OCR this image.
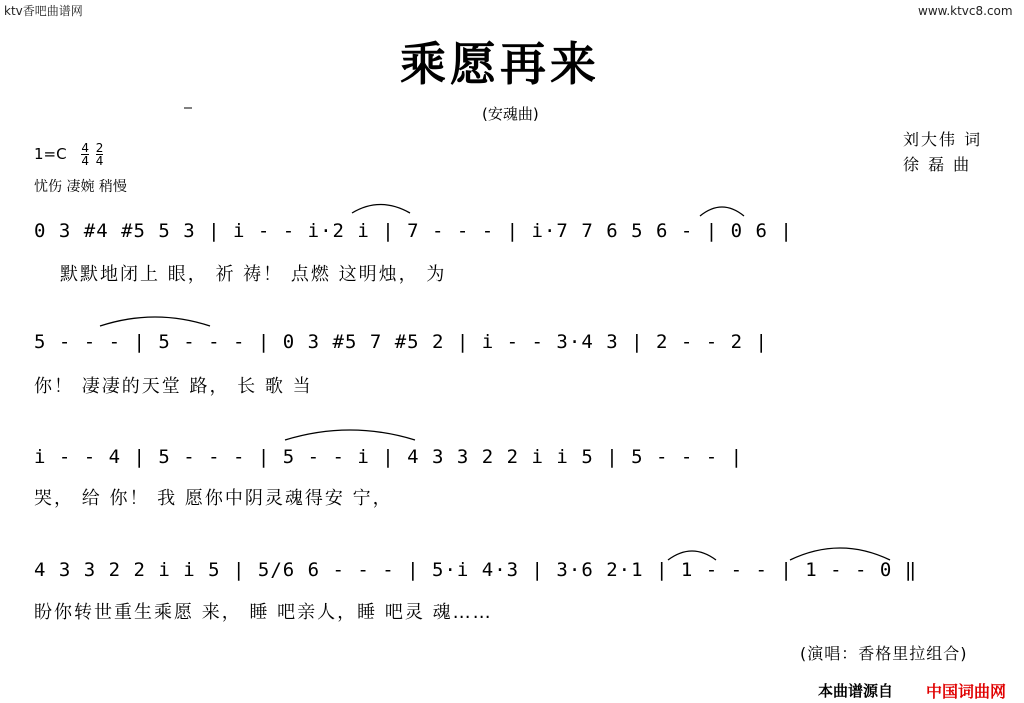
ktv香吧曲谱网	www.ktvc8.com
乘愿再来
(安魂曲)
$1=C \frac{4}{4}$
$\frac{2}{4}$
忧伤 凄婉 稍慢
刘大伟 词
徐 磊 曲
0 3 #4 #5 5 3 | i - - i·2 i | 7 - - - | i·7 7 6 5 6 - | 0 6 |
默默地闭上 眼， 祈 祷！ 点燃 这明烛， 为
5 - - - | 5 - - - | 0 3 #5 7 #5 2 | i - - 3·4 3 | 2 - - 2 |
你！ 凄凄的天堂 路， 长 歌 当
i - - 4 | 5 - - - | 5 - - i | 4 3 3 2 2 i i 5 | 5 - - - |
哭， 给 你！ 我 愿你中阴灵魂得安 宁，
4 3 3 2 2 i i 5 | 5/6 6 - - - | 5·i 4·3 | 3·6 2·1 | 1 - - - | 1 - - 0 ‖
盼你转世重生乘愿 来， 睡 吧亲人，睡 吧灵 魂……
(演唱：香格里拉组合)
本曲谱源自 中国词曲网
